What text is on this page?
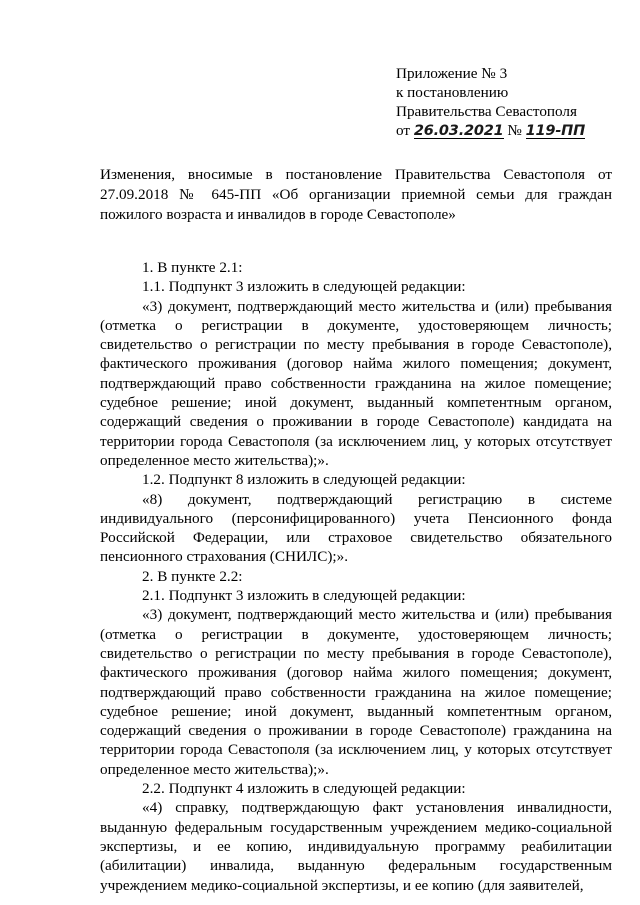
Приложение № 3
к постановлению
Правительства Севастополя
от 26.03.2021 № 119-ПП
Изменения, вносимые в постановление Правительства Севастополя от 27.09.2018 № 645-ПП «Об организации приемной семьи для граждан пожилого возраста и инвалидов в городе Севастополе»

1. В пункте 2.1:

1.1. Подпункт 3 изложить в следующей редакции:

«3) документ, подтверждающий место жительства и (или) пребывания (отметка о регистрации в документе, удостоверяющем личность; свидетельство о регистрации по месту пребывания в городе Севастополе), фактического проживания (договор найма жилого помещения; документ, подтверждающий право собственности гражданина на жилое помещение; судебное решение; иной документ, выданный компетентным органом, содержащий сведения о проживании в городе Севастополе) кандидата на территории города Севастополя (за исключением лиц, у которых отсутствует определенное место жительства);».

1.2. Подпункт 8 изложить в следующей редакции:

«8) документ, подтверждающий регистрацию в системе индивидуального (персонифицированного) учета Пенсионного фонда Российской Федерации, или страховое свидетельство обязательного пенсионного страхования (СНИЛС);».

2. В пункте 2.2:

2.1. Подпункт 3 изложить в следующей редакции:

«3) документ, подтверждающий место жительства и (или) пребывания (отметка о регистрации в документе, удостоверяющем личность; свидетельство о регистрации по месту пребывания в городе Севастополе), фактического проживания (договор найма жилого помещения; документ, подтверждающий право собственности гражданина на жилое помещение; судебное решение; иной документ, выданный компетентным органом, содержащий сведения о проживании в городе Севастополе) гражданина на территории города Севастополя (за исключением лиц, у которых отсутствует определенное место жительства);».

2.2. Подпункт 4 изложить в следующей редакции:

«4) справку, подтверждающую факт установления инвалидности, выданную федеральным государственным учреждением медико-социальной экспертизы, и ее копию, индивидуальную программу реабилитации (абилитации) инвалида, выданную федеральным государственным учреждением медико-социальной экспертизы, и ее копию (для заявителей,
